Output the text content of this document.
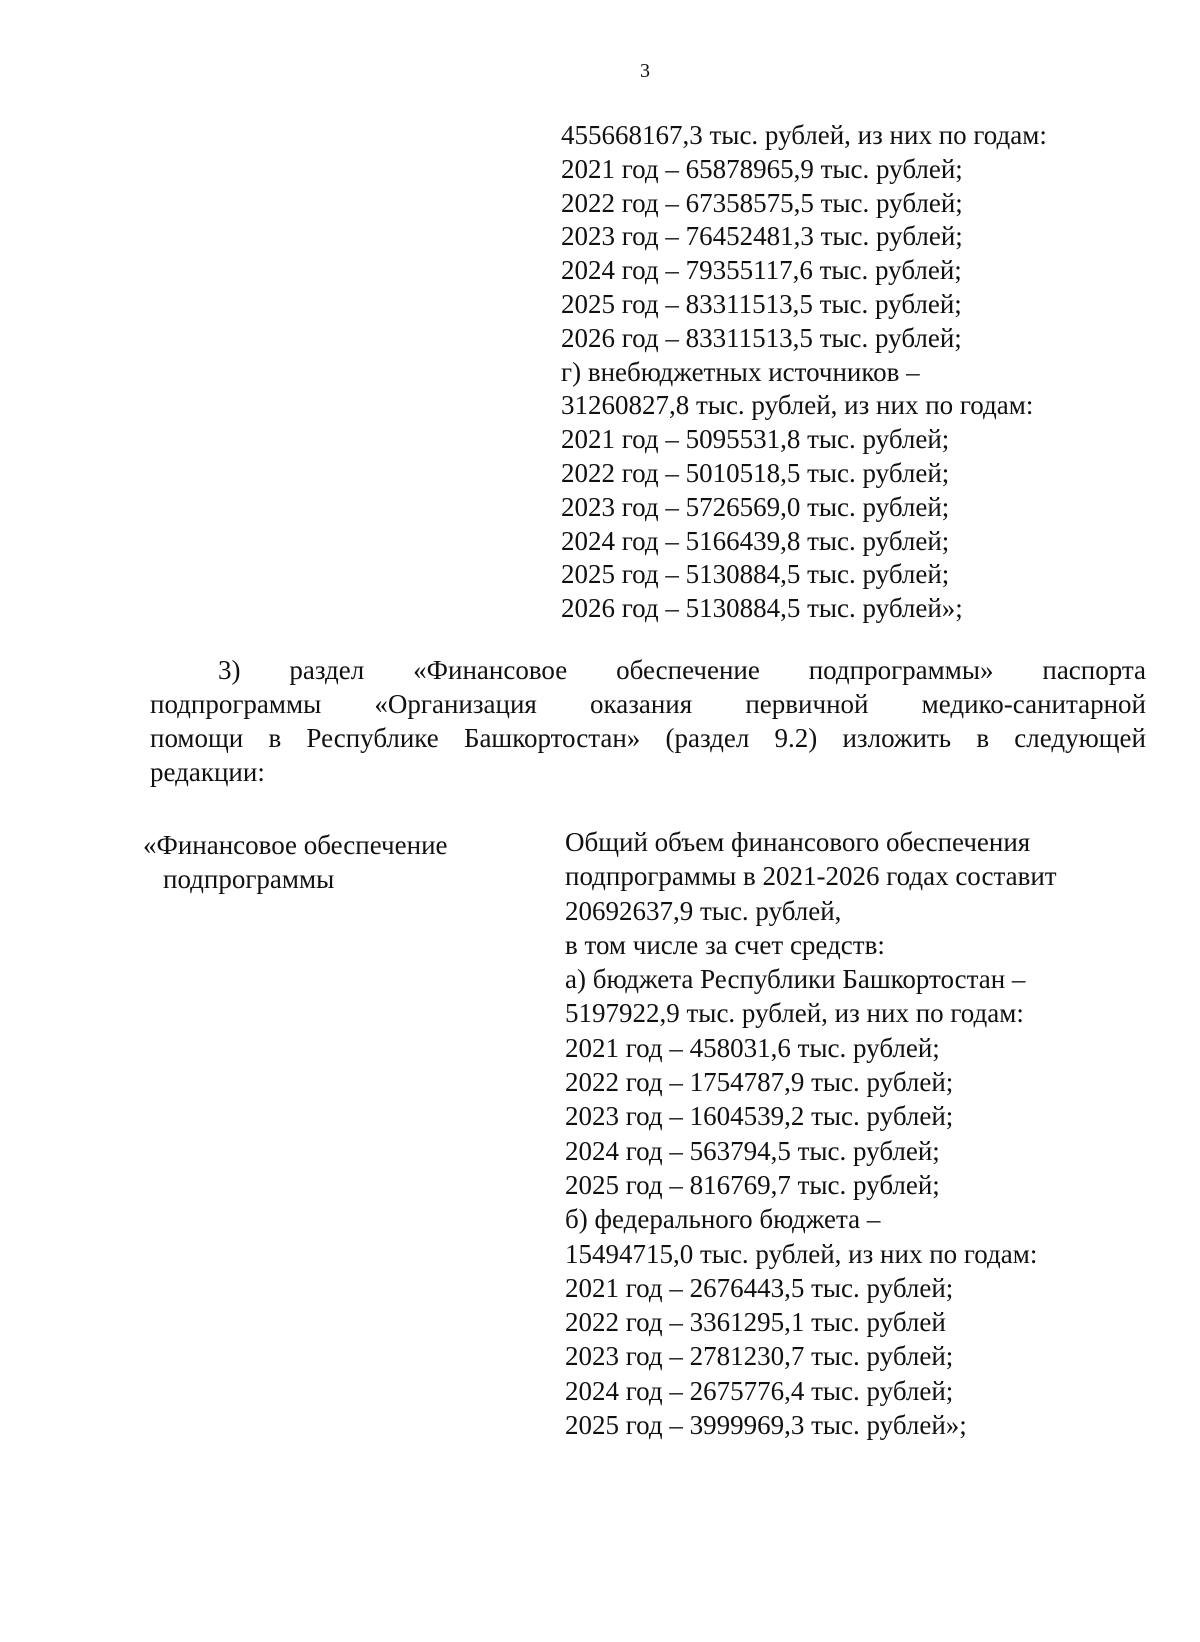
3
455668167,3 тыс. рублей, из них по годам:
2021 год – 65878965,9 тыс. рублей;
2022 год – 67358575,5 тыс. рублей;
2023 год – 76452481,3 тыс. рублей;
2024 год – 79355117,6 тыс. рублей;
2025 год – 83311513,5 тыс. рублей;
2026 год – 83311513,5 тыс. рублей;
г) внебюджетных источников –
31260827,8 тыс. рублей, из них по годам:
2021 год – 5095531,8 тыс. рублей;
2022 год – 5010518,5 тыс. рублей;
2023 год – 5726569,0 тыс. рублей;
2024 год – 5166439,8 тыс. рублей;
2025 год – 5130884,5 тыс. рублей;
2026 год – 5130884,5 тыс. рублей»;
3) раздел «Финансовое обеспечение подпрограммы» паспорта
подпрограммы «Организация оказания первичной медико-санитарной
помощи в Республике Башкортостан» (раздел 9.2) изложить в следующей
редакции:
«Финансовое обеспечение
подпрограммы
Общий объем финансового обеспечения
подпрограммы в 2021-2026 годах составит
20692637,9 тыс. рублей,
в том числе за счет средств:
а) бюджета Республики Башкортостан –
5197922,9 тыс. рублей, из них по годам:
2021 год – 458031,6 тыс. рублей;
2022 год – 1754787,9 тыс. рублей;
2023 год – 1604539,2 тыс. рублей;
2024 год – 563794,5 тыс. рублей;
2025 год – 816769,7 тыс. рублей;
б) федерального бюджета –
15494715,0 тыс. рублей, из них по годам:
2021 год – 2676443,5 тыс. рублей;
2022 год – 3361295,1 тыс. рублей
2023 год – 2781230,7 тыс. рублей;
2024 год – 2675776,4 тыс. рублей;
2025 год – 3999969,3 тыс. рублей»;
